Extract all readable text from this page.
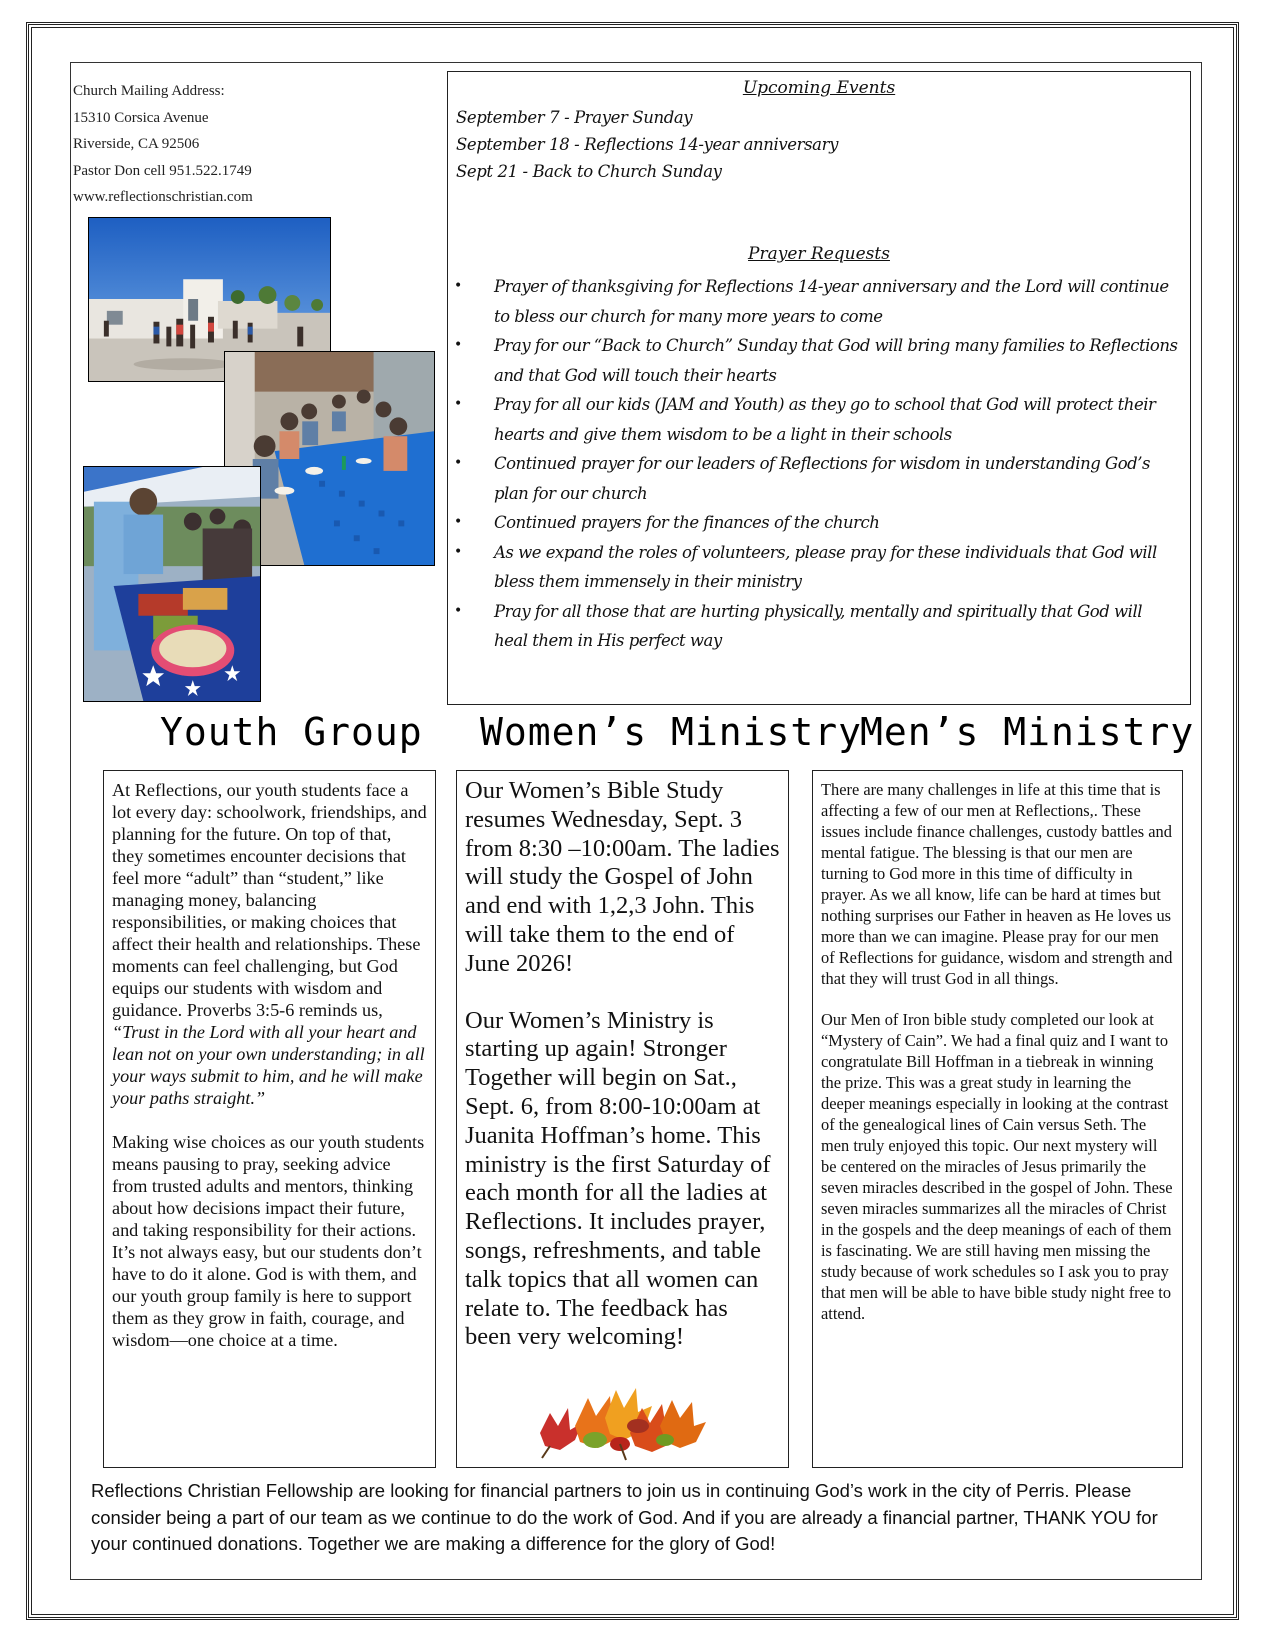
Church Mailing Address:
15310 Corsica Avenue
Riverside, CA 92506
Pastor Don cell 951.522.1749
www.reflectionschristian.com
Upcoming Events
September 7 - Prayer Sunday
September 18 - Reflections 14-year anniversary
Sept 21 - Back to Church Sunday
Prayer Requests
• Prayer of thanksgiving for Reflections 14-year anniversary and the Lord will continue to bless our church for many more years to come
• Pray for our “Back to Church” Sunday that God will bring many families to Reflections and that God will touch their hearts
• Pray for all our kids (JAM and Youth) as they go to school that God will protect their hearts and give them wisdom to be a light in their schools
• Continued prayer for our leaders of Reflections for wisdom in understanding God’s plan for our church
• Continued prayers for the finances of the church
• As we expand the roles of volunteers, please pray for these individuals that God will bless them immensely in their ministry
• Pray for all those that are hurting physically, mentally and spiritually that God will heal them in His perfect way
Youth Group Women’s Ministry
Men’s Ministry

At Reflections, our youth students face a lot every day: schoolwork, friendships, and planning for the future. On top of that, they sometimes encounter decisions that feel more “adult” than “student,” like managing money, balancing responsibilities, or making choices that affect their health and relationships. These moments can feel challenging, but God equips our students with wisdom and guidance. Proverbs 3:5-6 reminds us, “Trust in the Lord with all your heart and lean not on your own understanding; in all your ways submit to him, and he will make your paths straight.”

Making wise choices as our youth students means pausing to pray, seeking advice from trusted adults and mentors, thinking about how decisions impact their future, and taking responsibility for their actions. It’s not always easy, but our students don’t have to do it alone. God is with them, and our youth group family is here to support them as they grow in faith, courage, and wisdom—one choice at a time.

Our Women’s Bible Study resumes Wednesday, Sept. 3 from 8:30 –10:00am. The ladies will study the Gospel of John and end with 1,2,3 John. This will take them to the end of June 2026!

Our Women’s Ministry is starting up again! Stronger Together will begin on Sat., Sept. 6, from 8:00-10:00am at Juanita Hoffman’s home. This ministry is the first Saturday of each month for all the ladies at Reflections. It includes prayer, songs, refreshments, and table talk topics that all women can relate to. The feedback has been very welcoming!

There are many challenges in life at this time that is affecting a few of our men at Reflections,. These issues include finance challenges, custody battles and mental fatigue. The blessing is that our men are turning to God more in this time of difficulty in prayer. As we all know, life can be hard at times but nothing surprises our Father in heaven as He loves us more than we can imagine. Please pray for our men of Reflections for guidance, wisdom and strength and that they will trust God in all things.

Our Men of Iron bible study completed our look at “Mystery of Cain”. We had a final quiz and I want to congratulate Bill Hoffman in a tiebreak in winning the prize. This was a great study in learning the deeper meanings especially in looking at the contrast of the genealogical lines of Cain versus Seth. The men truly enjoyed this topic. Our next mystery will be centered on the miracles of Jesus primarily the seven miracles described in the gospel of John. These seven miracles summarizes all the miracles of Christ in the gospels and the deep meanings of each of them is fascinating. We are still having men missing the study because of work schedules so I ask you to pray that men will be able to have bible study night free to attend.

Reflections Christian Fellowship are looking for financial partners to join us in continuing God’s work in the city of Perris. Please consider being a part of our team as we continue to do the work of God. And if you are already a financial partner, THANK YOU for your continued donations. Together we are making a difference for the glory of God!
